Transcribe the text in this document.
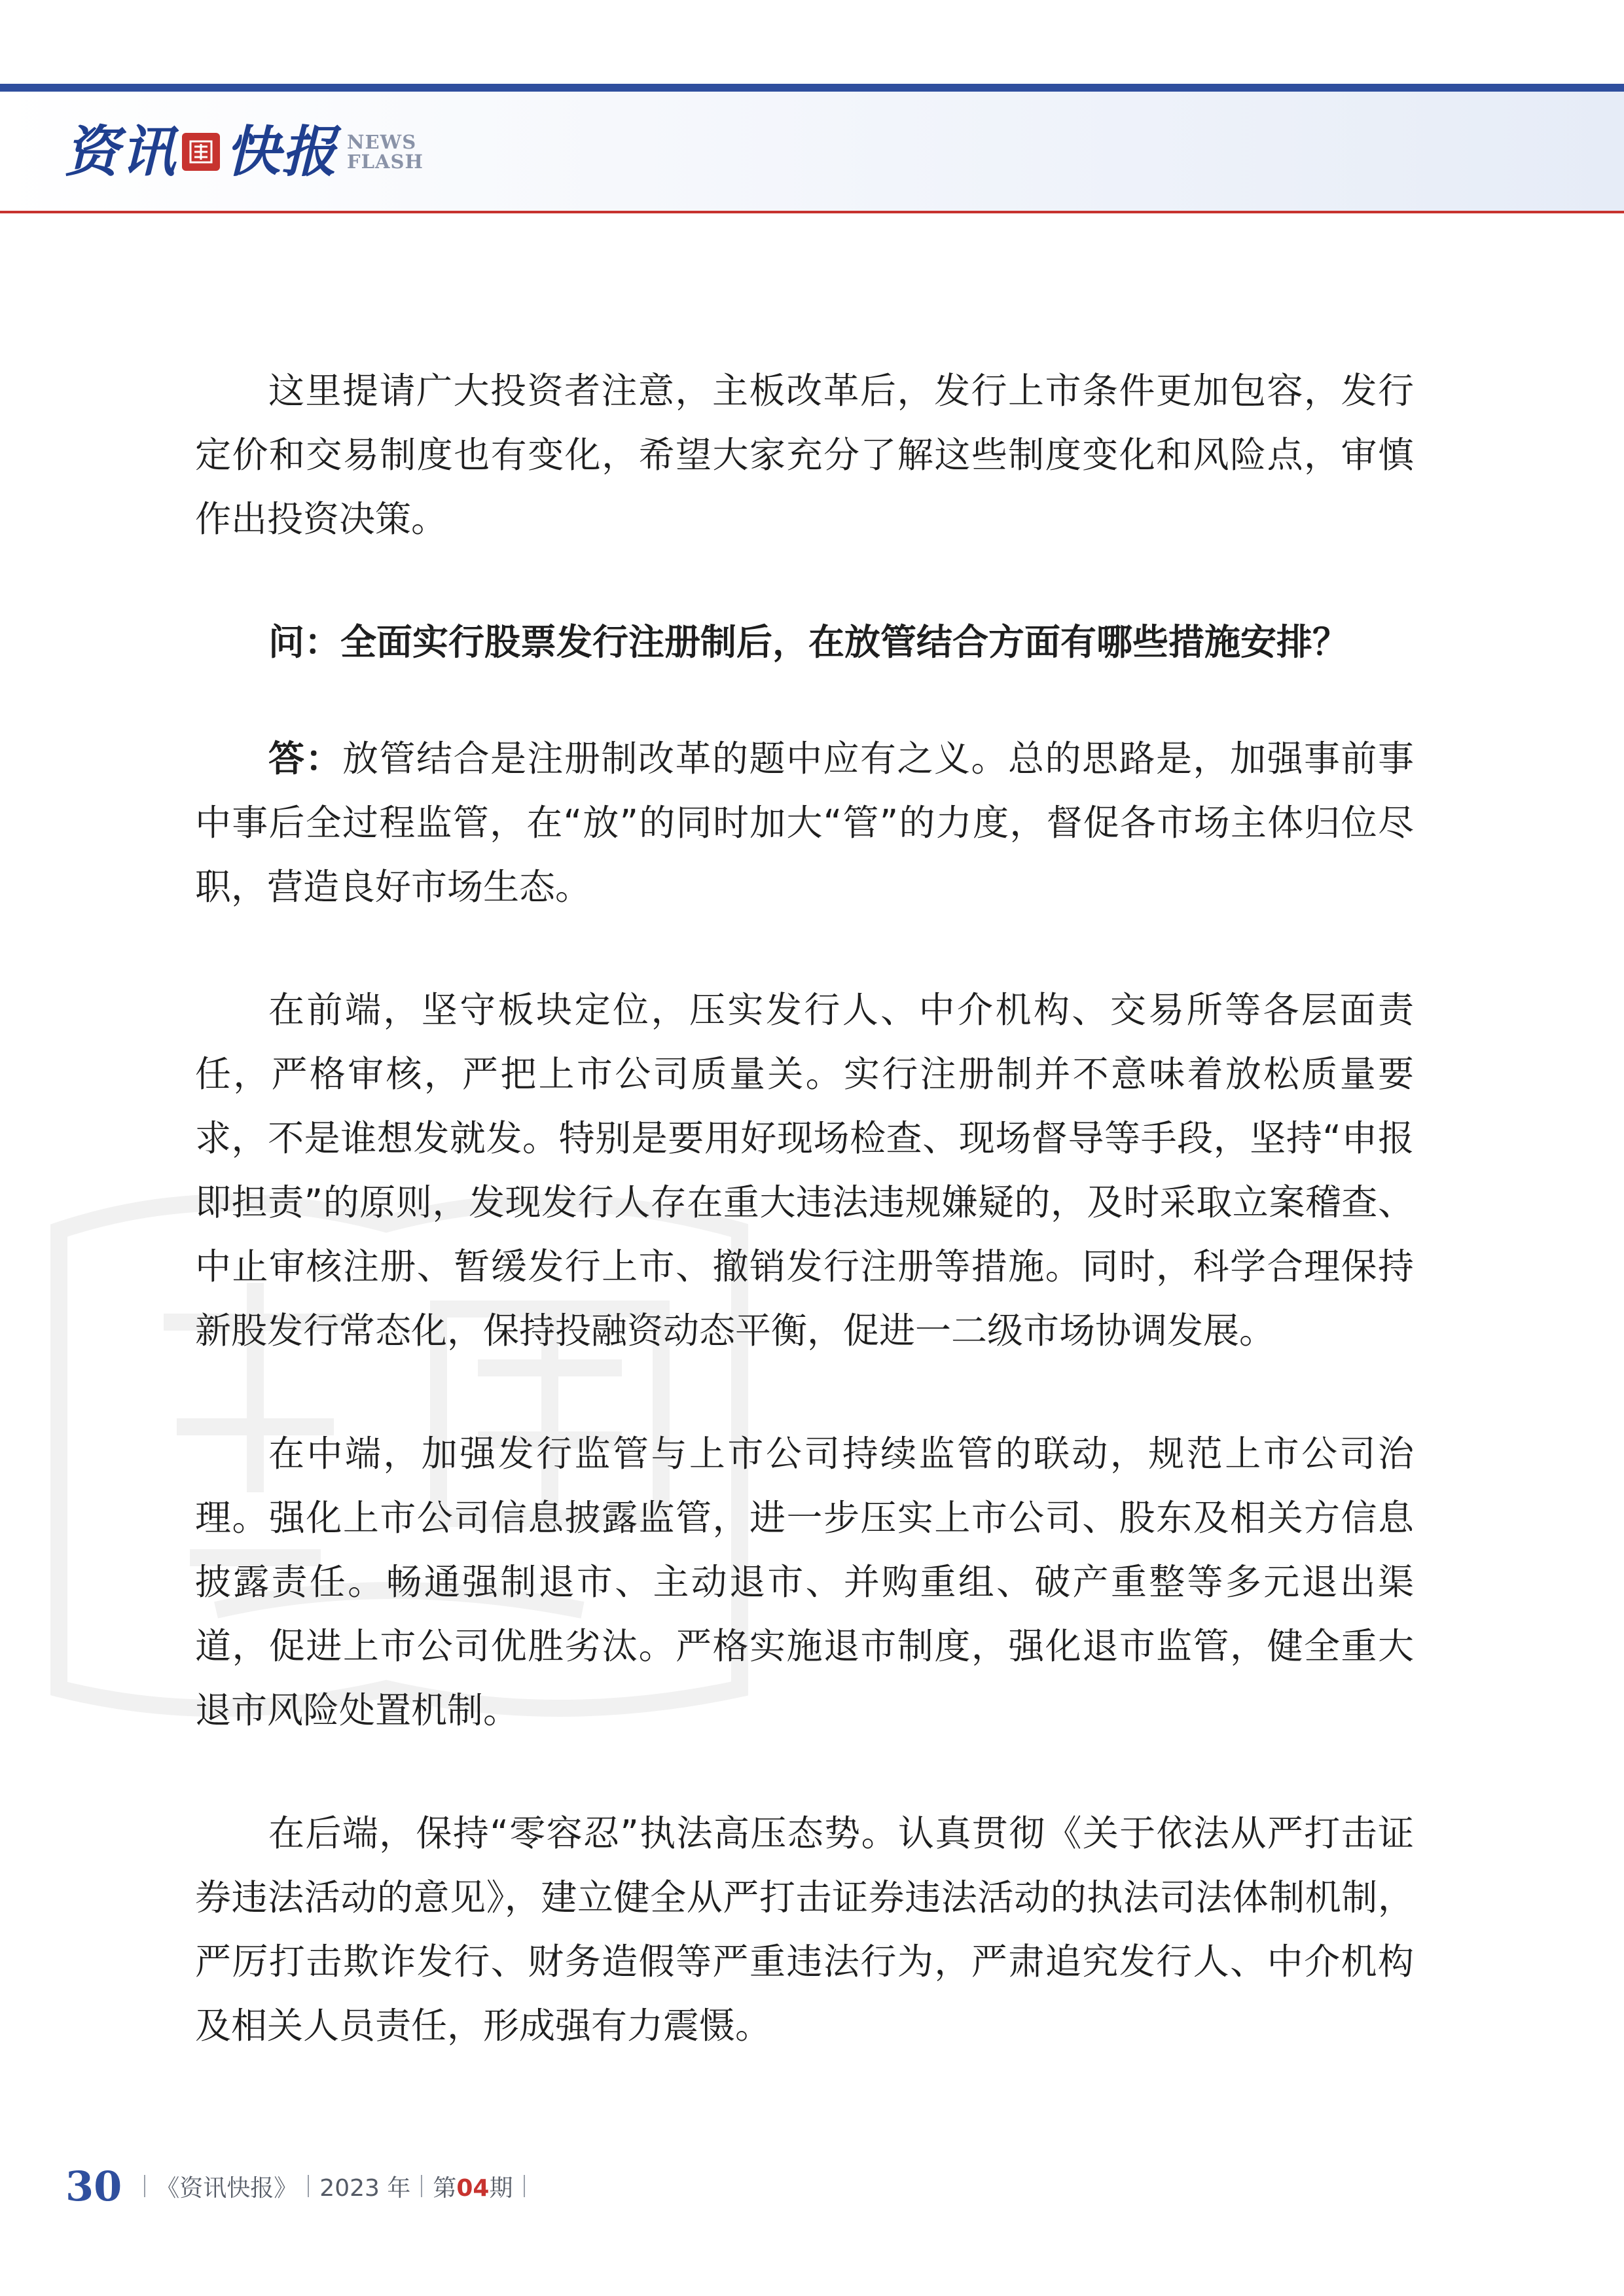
资讯 快报 NEWS
FLASH

这里提请广大投资者注意，主板改革后，发行上市条件更加包容，发行定价和交易制度也有变化，希望大家充分了解这些制度变化和风险点，审慎作出投资决策。

问：全面实行股票发行注册制后，在放管结合方面有哪些措施安排？

答：放管结合是注册制改革的题中应有之义。总的思路是，加强事前事中事后全过程监管，在“放”的同时加大“管”的力度，督促各市场主体归位尽职，营造良好市场生态。

在前端，坚守板块定位，压实发行人、中介机构、交易所等各层面责任，严格审核，严把上市公司质量关。实行注册制并不意味着放松质量要求，不是谁想发就发。特别是要用好现场检查、现场督导等手段，坚持“申报即担责”的原则，发现发行人存在重大违法违规嫌疑的，及时采取立案稽查、中止审核注册、暂缓发行上市、撤销发行注册等措施。同时，科学合理保持新股发行常态化，保持投融资动态平衡，促进一二级市场协调发展。

在中端，加强发行监管与上市公司持续监管的联动，规范上市公司治理。强化上市公司信息披露监管，进一步压实上市公司、股东及相关方信息披露责任。畅通强制退市、主动退市、并购重组、破产重整等多元退出渠道，促进上市公司优胜劣汰。严格实施退市制度，强化退市监管，健全重大退市风险处置机制。

在后端，保持“零容忍”执法高压态势。认真贯彻《关于依法从严打击证券违法活动的意见》，建立健全从严打击证券违法活动的执法司法体制机制，严厉打击欺诈发行、财务造假等严重违法行为，严肃追究发行人、中介机构及相关人员责任，形成强有力震慑。

30 《资讯快报》 2023 年 第04期
